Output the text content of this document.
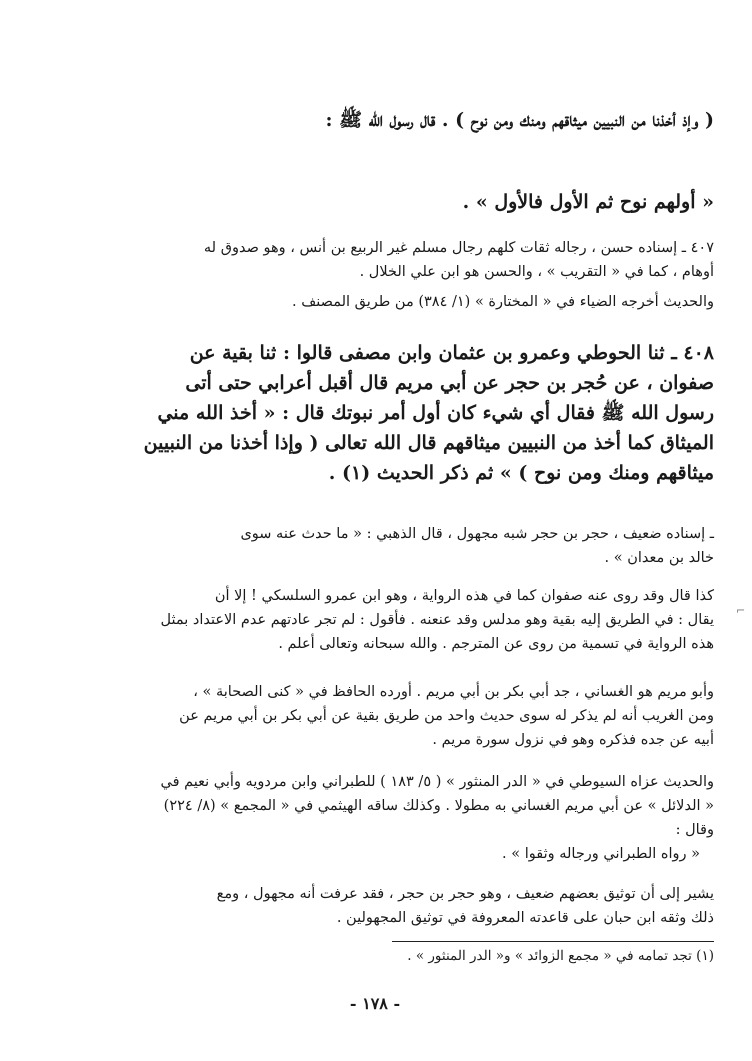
( وإذ أخذنا من النبيين ميثاقهم ومنك ومن نوح ) . قال رسول الله ﷺ :
« أولهم نوح ثم الأول فالأول » .
٤٠٧ ـ إسناده حسن ، رجاله ثقات كلهم رجال مسلم غير الربيع بن أنس ، وهو صدوق له
أوهام ، كما في « التقريب » ، والحسن هو ابن علي الخلال .
والحديث أخرجه الضياء في « المختارة » (١/ ٣٨٤) من طريق المصنف .
٤٠٨ ـ ثنا الحوطي وعمرو بن عثمان وابن مصفى قالوا : ثنا بقية عن
صفوان ، عن حُجر بن حجر عن أبي مريم قال أقبل أعرابي حتى أتى
رسول الله ﷺ فقال أي شيء كان أول أمر نبوتك قال : « أخذ الله مني
الميثاق كما أخذ من النبيين ميثاقهم قال الله تعالى ( وإذا أخذنا من النبيين
ميثاقهم ومنك ومن نوح ) » ثم ذكر الحديث (١) .
ـ إسناده ضعيف ، حجر بن حجر شبه مجهول ، قال الذهبي : « ما حدث عنه سوى
خالد بن معدان » .
كذا قال وقد روى عنه صفوان كما في هذه الرواية ، وهو ابن عمرو السلسكي ! إلا أن
يقال : في الطريق إليه بقية وهو مدلس وقد عنعنه . فأقول : لم تجر عادتهم عدم الاعتداد بمثل
هذه الرواية في تسمية من روى عن المترجم . والله سبحانه وتعالى أعلم .
وأبو مريم هو الغساني ، جد أبي بكر بن أبي مريم . أورده الحافظ في « كنى الصحابة » ،
ومن الغريب أنه لم يذكر له سوى حديث واحد من طريق بقية عن أبي بكر بن أبي مريم عن
أبيه عن جده فذكره وهو في نزول سورة مريم .
والحديث عزاه السيوطي في « الدر المنثور » ( ٥/ ١٨٣ ) للطبراني وابن مردويه وأبي نعيم في
« الدلائل » عن أبي مريم الغساني به مطولا . وكذلك ساقه الهيثمي في « المجمع » (٨/ ٢٢٤)
وقال :
« رواه الطبراني ورجاله وثقوا » .
يشير إلى أن توثيق بعضهم ضعيف ، وهو حجر بن حجر ، فقد عرفت أنه مجهول ، ومع
ذلك وثقه ابن حبان على قاعدته المعروفة في توثيق المجهولين .
(١) تجد تمامه في « مجمع الزوائد » و« الدر المنثور » .
- ١٧٨ -
⌐
